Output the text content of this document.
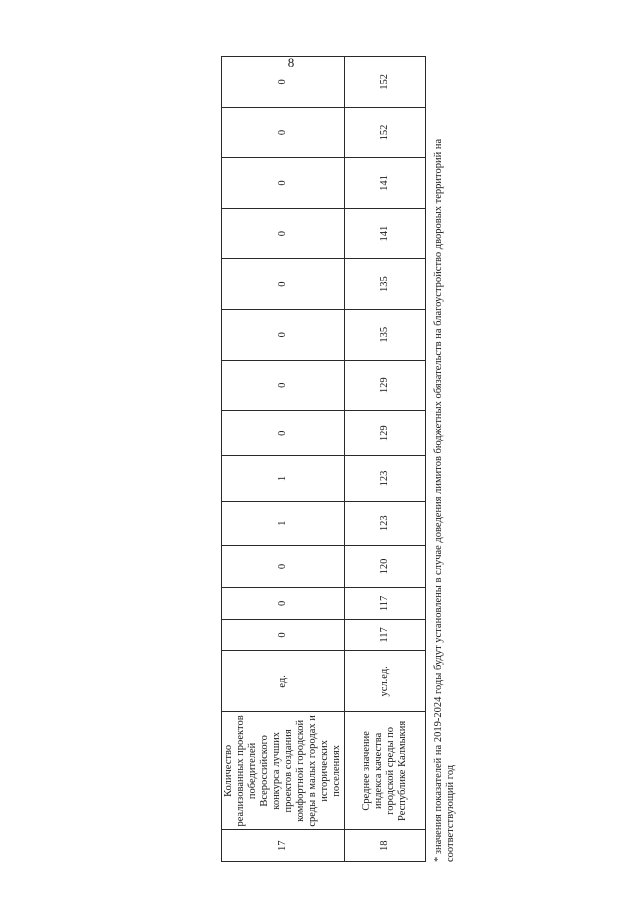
8
17	Количество реализованных проектов победителей Всероссийского конкурса лучших проектов создания комфортной городской среды в малых городах и исторических поселениях	ед.	0	0	0	1	1	0	0	0	0	0	0	0	0
18	Среднее значение индекса качества городской среды по Республике Калмыкия	усл.ед.	117	117	120	123	123	129	129	135	135	141	141	152	152
* значения показателей на 2019-2024 годы будут установлены в случае доведения лимитов бюджетных обязательств на благоустройство дворовых территорий на соответствующий год
